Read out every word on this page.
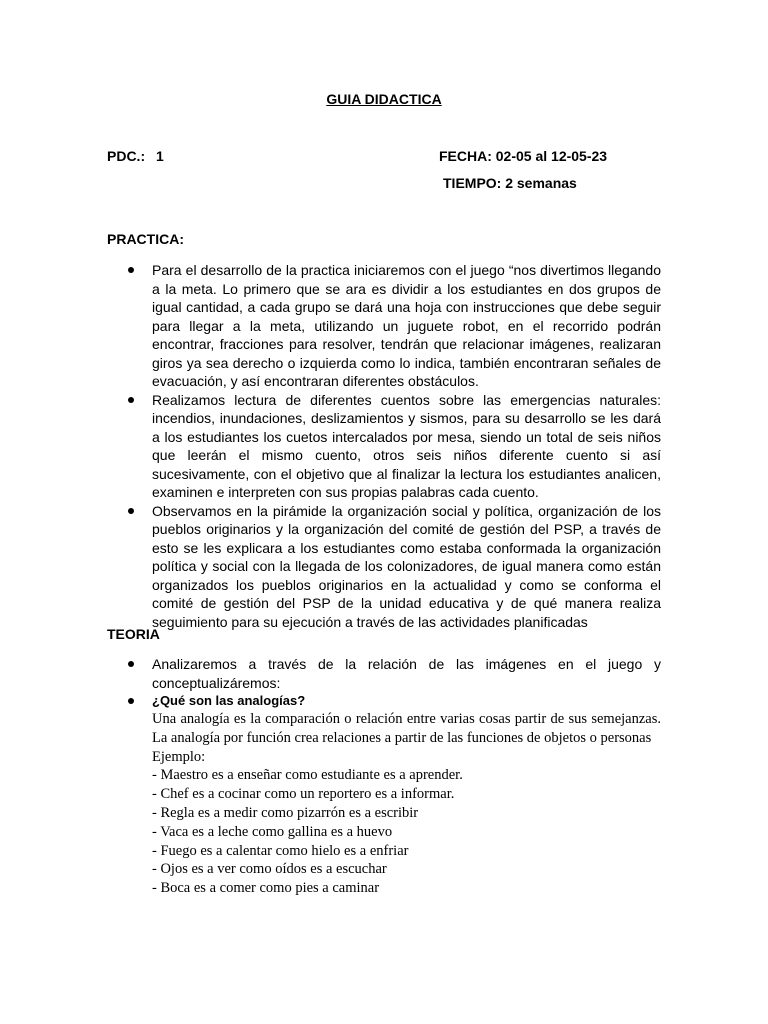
GUIA DIDACTICA
PDC.: 1	FECHA: 02-05 al 12-05-23
TIEMPO: 2 semanas
PRACTICA:
Para el desarrollo de la practica iniciaremos con el juego “nos divertimos llegando a la meta. Lo primero que se ara es dividir a los estudiantes en dos grupos de igual cantidad, a cada grupo se dará una hoja con instrucciones que debe seguir para llegar a la meta, utilizando un juguete robot, en el recorrido podrán encontrar, fracciones para resolver, tendrán que relacionar imágenes, realizaran giros ya sea derecho o izquierda como lo indica, también encontraran señales de evacuación, y así encontraran diferentes obstáculos.
Realizamos lectura de diferentes cuentos sobre las emergencias naturales: incendios, inundaciones, deslizamientos y sismos, para su desarrollo se les dará a los estudiantes los cuetos intercalados por mesa, siendo un total de seis niños que leerán el mismo cuento, otros seis niños diferente cuento si así sucesivamente, con el objetivo que al finalizar la lectura los estudiantes analicen, examinen e interpreten con sus propias palabras cada cuento.
Observamos en la pirámide la organización social y política, organización de los pueblos originarios y la organización del comité de gestión del PSP, a través de esto se les explicara a los estudiantes como estaba conformada la organización política y social con la llegada de los colonizadores, de igual manera como están organizados los pueblos originarios en la actualidad y como se conforma el comité de gestión del PSP de la unidad educativa y de qué manera realiza seguimiento para su ejecución a través de las actividades planificadas
TEORIA
Analizaremos a través de la relación de las imágenes en el juego y conceptualizáremos:
¿Qué son las analogías?
Una analogía es la comparación o relación entre varias cosas partir de sus semejanzas. La analogía por función crea relaciones a partir de las funciones de objetos o personas
Ejemplo:
- Maestro es a enseñar como estudiante es a aprender.
- Chef es a cocinar como un reportero es a informar.
- Regla es a medir como pizarrón es a escribir
- Vaca es a leche como gallina es a huevo
- Fuego es a calentar como hielo es a enfriar
- Ojos es a ver como oídos es a escuchar
- Boca es a comer como pies a caminar
